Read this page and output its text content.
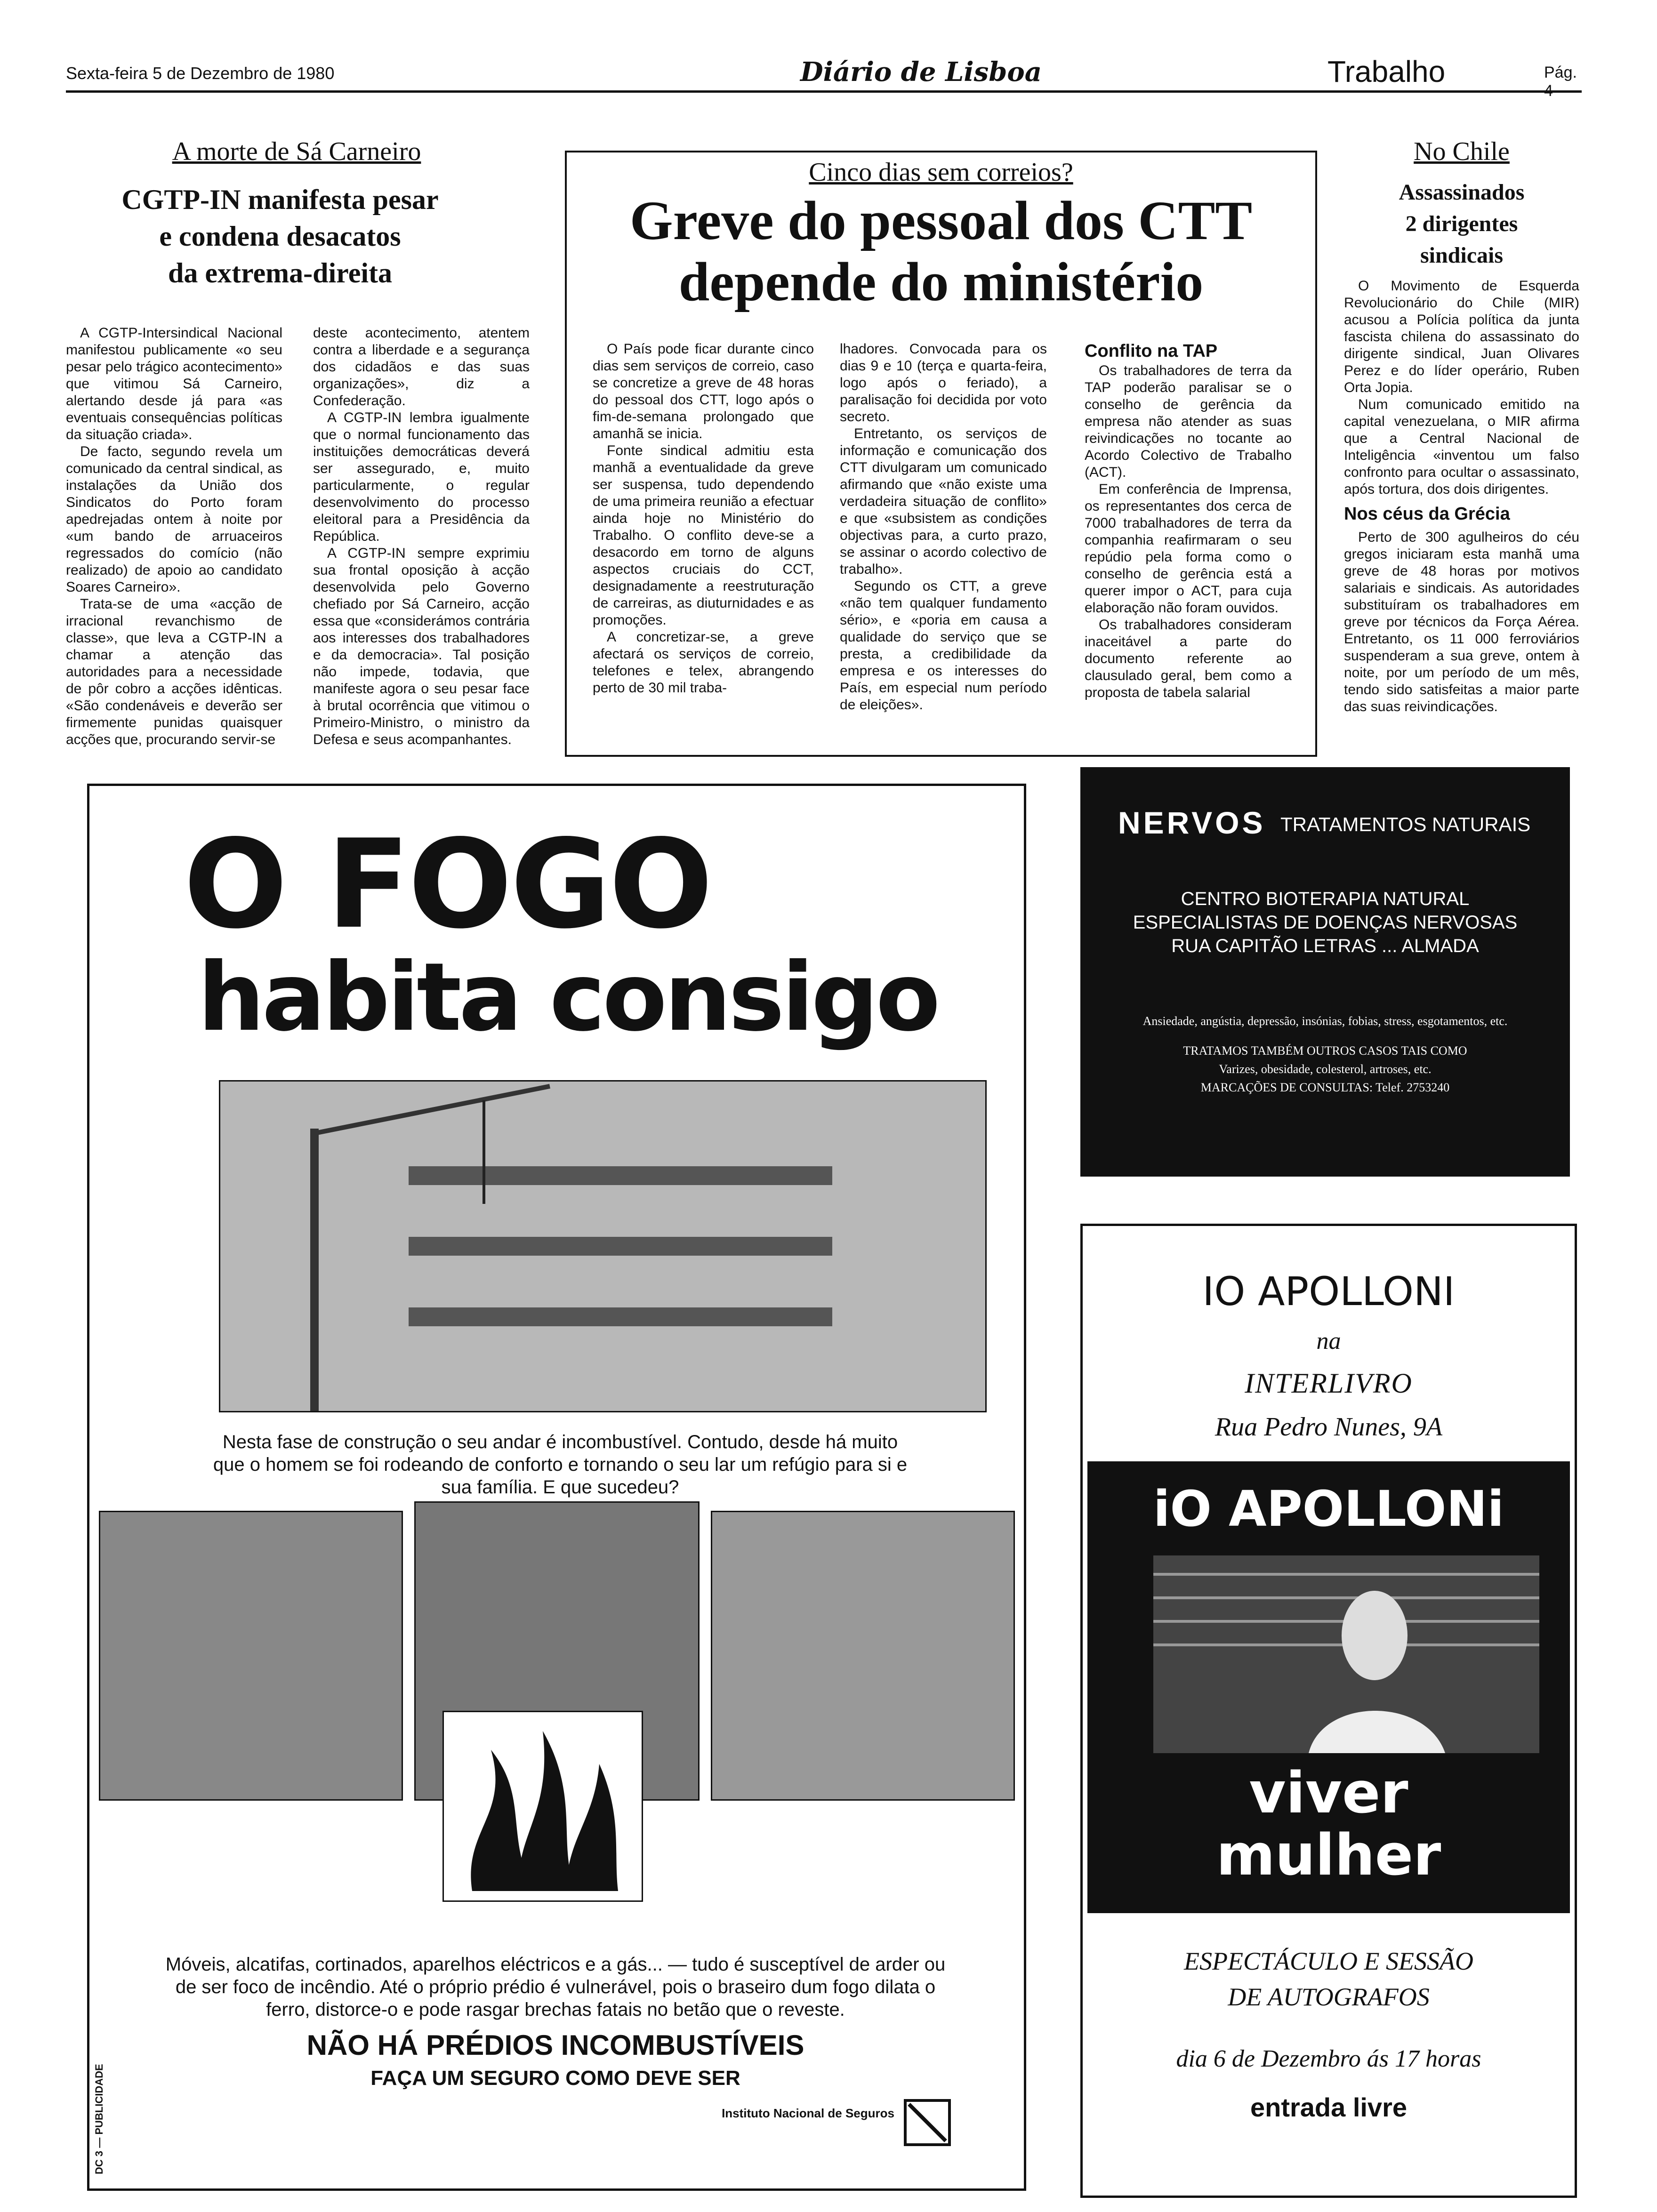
Sexta-feira 5 de Dezembro de 1980	Diário de Lisboa	Trabalho	Pág.
A morte de Sá Carneiro
CGTP-IN manifesta pesar
e condena desacatos
da extrema-direita

A CGTP-Intersindical Nacional manifestou publicamente «o seu pesar pelo trágico acontecimento» que vitimou Sá Carneiro, alertando desde já para «as eventuais consequências políticas da situação criada».

De facto, segundo revela um comunicado da central sindical, as instalações da União dos Sindicatos do Porto foram apedrejadas ontem à noite por «um bando de arruaceiros regressados do comício (não realizado) de apoio ao candidato Soares Carneiro».

Trata-se de uma «acção de irracional revanchismo de classe», que leva a CGTP-IN a chamar a atenção das autoridades para a necessidade de pôr cobro a acções idênticas. «São condenáveis e deverão ser firmemente punidas quaisquer acções que, procurando servir-se

deste acontecimento, atentem contra a liberdade e a segurança dos cidadãos e das suas organizações», diz a Confederação.

A CGTP-IN lembra igualmente que o normal funcionamento das instituições democráticas deverá ser assegurado, e, muito particularmente, o regular desenvolvimento do processo eleitoral para a Presidência da República.

A CGTP-IN sempre exprimiu sua frontal oposição à acção desenvolvida pelo Governo chefiado por Sá Carneiro, acção essa que «considerámos contrária aos interesses dos trabalhadores e da democracia». Tal posição não impede, todavia, que manifeste agora o seu pesar face à brutal ocorrência que vitimou o Primeiro-Ministro, o ministro da Defesa e seus acompanhantes.

Cinco dias sem correios?
Greve do pessoal dos CTT
depende do ministério

O País pode ficar durante cinco dias sem serviços de correio, caso se concretize a greve de 48 horas do pessoal dos CTT, logo após o fim-de-semana prolongado que amanhã se inicia.

Fonte sindical admitiu esta manhã a eventualidade da greve ser suspensa, tudo dependendo de uma primeira reunião a efectuar ainda hoje no Ministério do Trabalho. O conflito deve-se a desacordo em torno de alguns aspectos cruciais do CCT, designadamente a reestruturação de carreiras, as diuturnidades e as promoções.

A concretizar-se, a greve afectará os serviços de correio, telefones e telex, abrangendo perto de 30 mil traba-

lhadores. Convocada para os dias 9 e 10 (terça e quarta-feira, logo após o feriado), a paralisação foi decidida por voto secreto.

Entretanto, os serviços de informação e comunicação dos CTT divulgaram um comunicado afirmando que «não existe uma verdadeira situação de conflito» e que «subsistem as condições objectivas para, a curto prazo, se assinar o acordo colectivo de trabalho».

Segundo os CTT, a greve «não tem qualquer fundamento sério», e «poria em causa a qualidade do serviço que se presta, a credibilidade da empresa e os interesses do País, em especial num período de eleições».

Conflito na TAP

Os trabalhadores de terra da TAP poderão paralisar se o conselho de gerência da empresa não atender as suas reivindicações no tocante ao Acordo Colectivo de Trabalho (ACT).

Em conferência de Imprensa, os representantes dos cerca de 7000 trabalhadores de terra da companhia reafirmaram o seu repúdio pela forma como o conselho de gerência está a querer impor o ACT, para cuja elaboração não foram ouvidos.

Os trabalhadores consideram inaceitável a parte do documento referente ao clausulado geral, bem como a proposta de tabela salarial

No Chile
Assassinados
2 dirigentes
sindicais

O Movimento de Esquerda Revolucionário do Chile (MIR) acusou a Polícia política da junta fascista chilena do assassinato do dirigente sindical, Juan Olivares Perez e do líder operário, Ruben Orta Jopia.

Num comunicado emitido na capital venezuelana, o MIR afirma que a Central Nacional de Inteligência «inventou um falso confronto para ocultar o assassinato, após tortura, dos dois dirigentes.

Nos céus da Grécia

Perto de 300 agulheiros do céu gregos iniciaram esta manhã uma greve de 48 horas por motivos salariais e sindicais. As autoridades substituíram os trabalhadores em greve por técnicos da Força Aérea. Entretanto, os 11 000 ferroviários suspenderam a sua greve, ontem à noite, por um período de um mês, tendo sido satisfeitas a maior parte das suas reivindicações.

O FOGO
habita consigo
Nesta fase de construção o seu andar é incombustível. Contudo, desde há muito que o homem se foi rodeando de conforto e tornando o seu lar um refúgio para si e sua família. E que sucedeu?
Móveis, alcatifas, cortinados, aparelhos eléctricos e a gás... — tudo é susceptível de arder ou de ser foco de incêndio. Até o próprio prédio é vulnerável, pois o braseiro dum fogo dilata o ferro, distorce-o e pode rasgar brechas fatais no betão que o reveste.
NÃO HÁ PRÉDIOS INCOMBUSTÍVEIS
FAÇA UM SEGURO COMO DEVE SER
Instituto Nacional de Seguros
DC 3 — PUBLICIDADE
NERVOS TRATAMENTOS NATURAIS
CENTRO BIOTERAPIA NATURAL
ESPECIALISTAS DE DOENÇAS NERVOSAS
RUA CAPITÃO LETRAS ... ALMADA
Ansiedade, angústia, depressão, insónias, fobias, stress, esgotamentos, etc.
TRATAMOS TAMBÉM OUTROS CASOS TAIS COMO
Varizes, obesidade, colesterol, artroses, etc.
MARCAÇÕES DE CONSULTAS: Telef. 2753240
IO APOLLONI
na
INTERLIVRO
Rua Pedro Nunes, 9A
iO APOLLONi
viver
mulher
ESPECTÁCULO E SESSÃO
DE AUTOGRAFOS
dia 6 de Dezembro ás 17 horas
entrada livre
